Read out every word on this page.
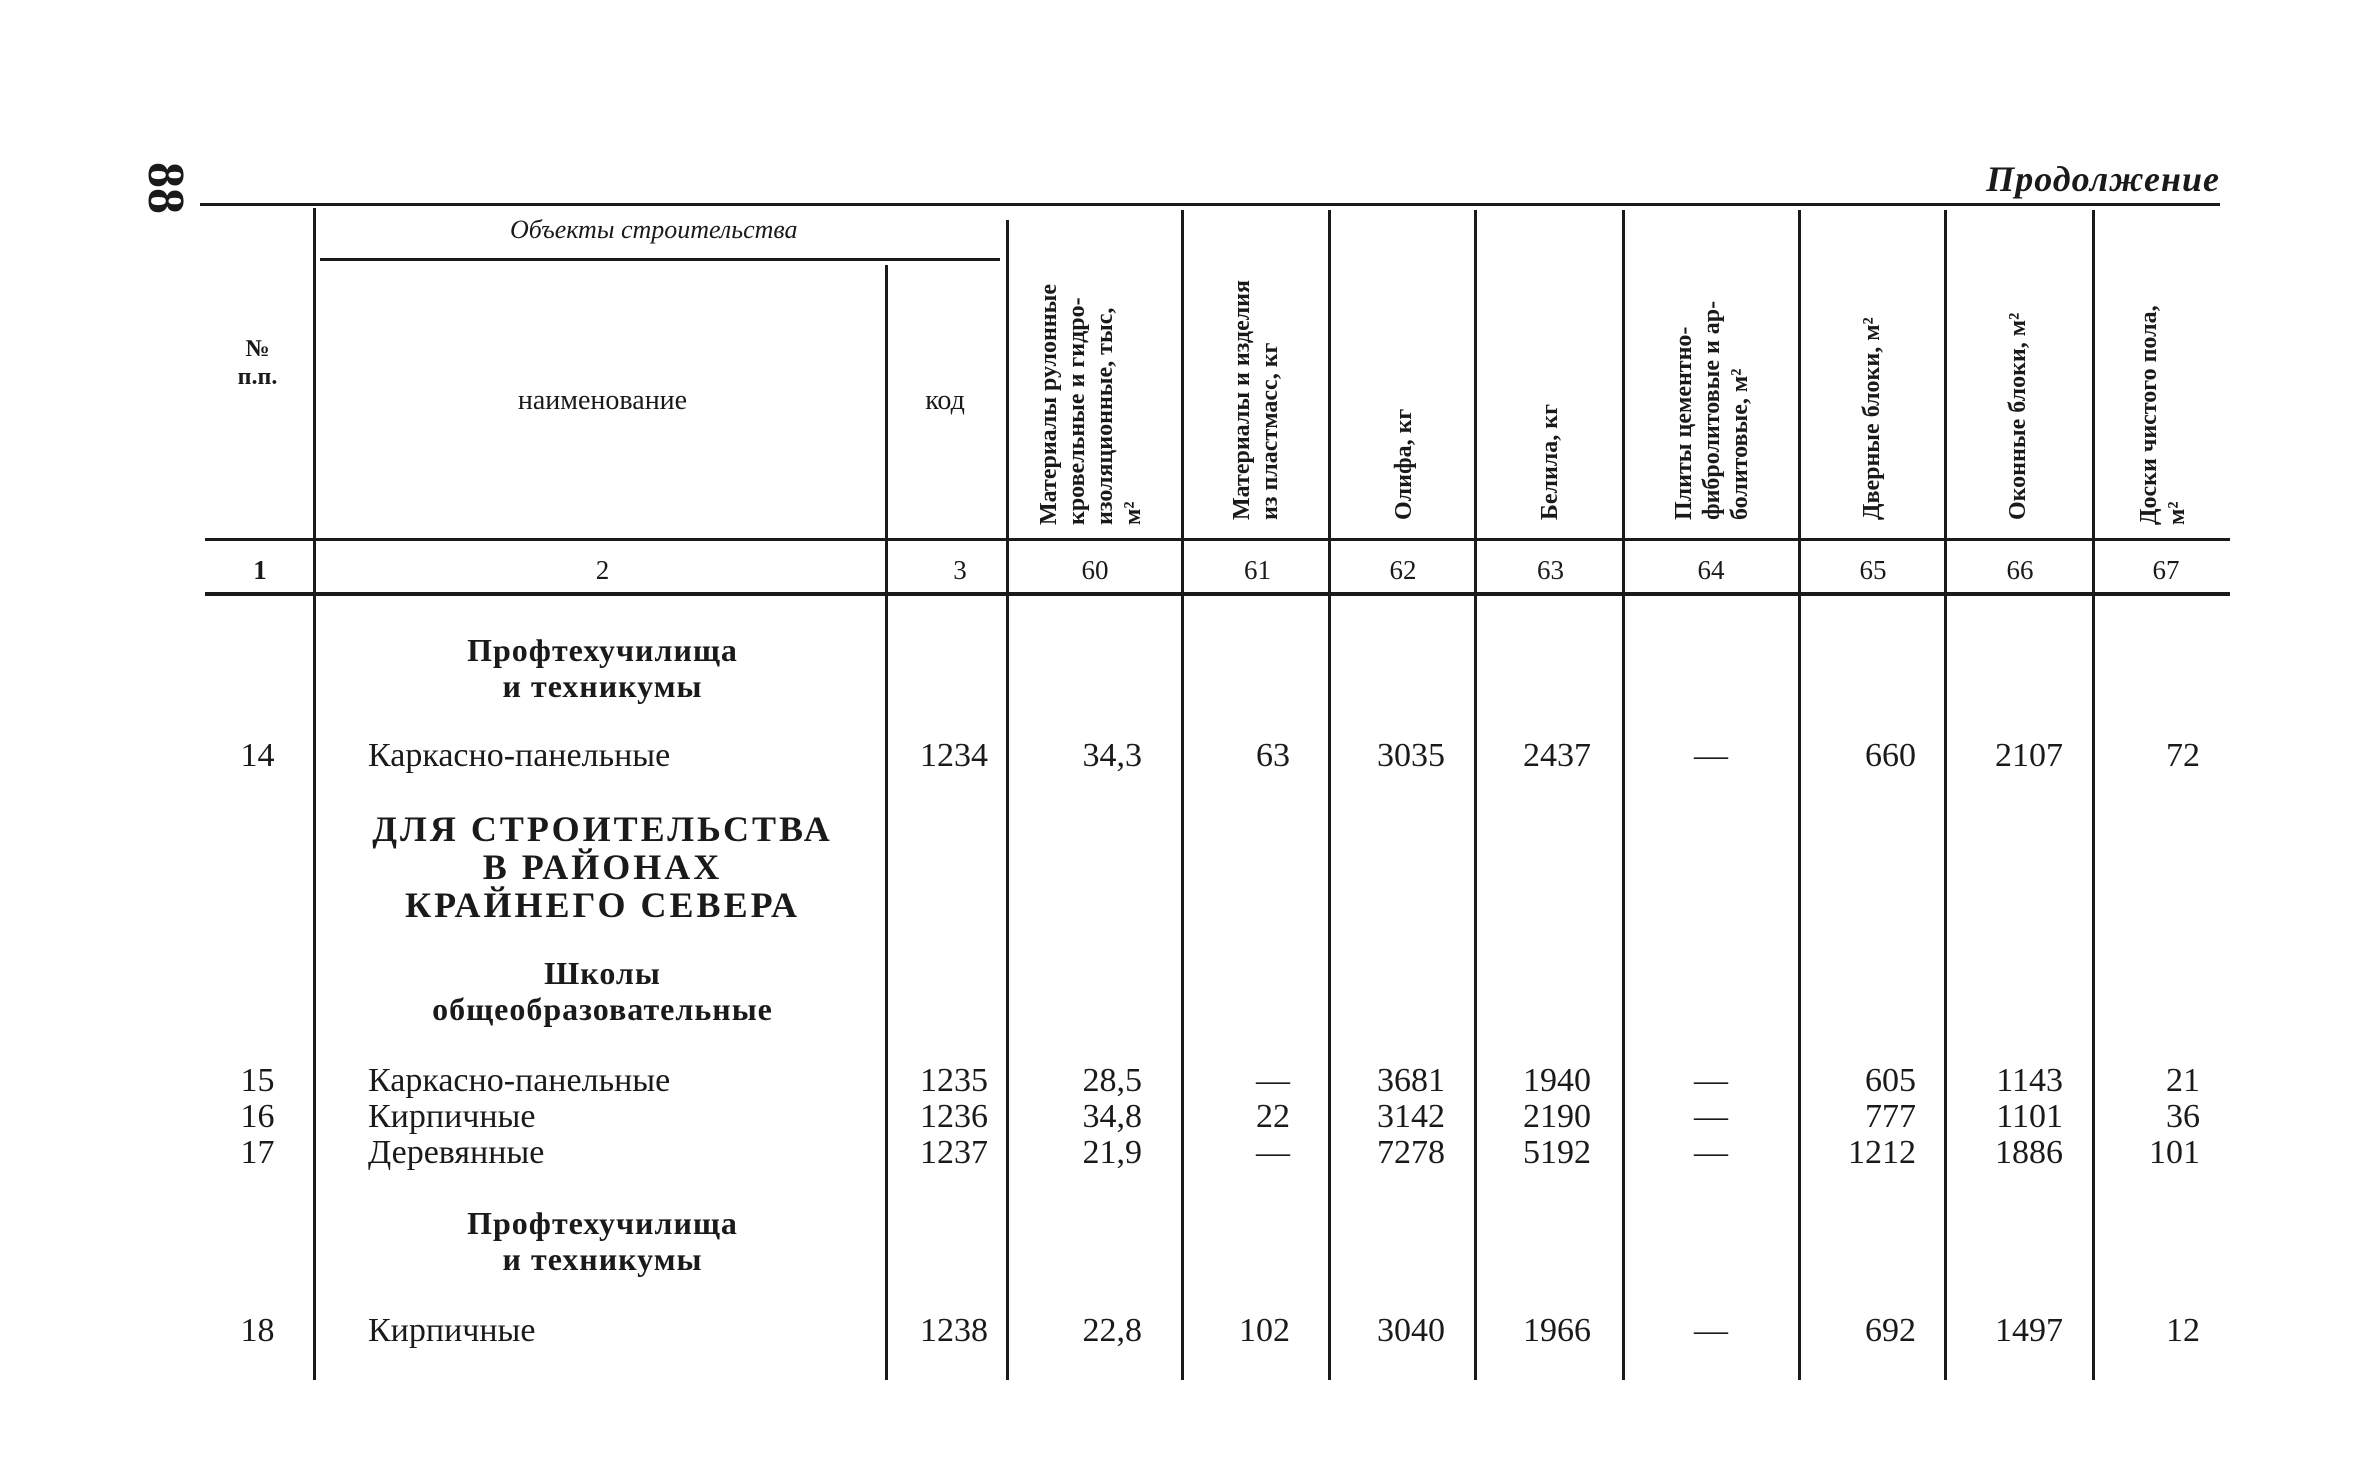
88	Продолжение
Объекты строительства
№
п.п.
наименование	код	Материалы рулонные кровельные и гидро- изоляционные, тыс, м²	Материалы и изделия из пластмасс, кг	Олифа, кг	Белила, кг	Плиты цементно- фибролитовые и ар- болитовые, м²	Дверные блоки, м²	Оконные блоки, м²	Доски чистого пола, м²
1	2	3	60	61	62	63	64	65	66	67
Профтехучилища
и техникумы
ДЛЯ СТРОИТЕЛЬСТВА
В РАЙОНАХ
КРАЙНЕГО СЕВЕРА
Школы
общеобразовательные
Профтехучилища
и техникумы
14	Каркасно-панельные	1234	34,3	63	3035	2437	—	660	2107	72
15	Каркасно-панельные	1235	28,5	—	3681	1940	—	605	1143	21
16	Кирпичные	1236	34,8	22	3142	2190	—	777	1101	36
17	Деревянные	1237	21,9	—	7278	5192	—	1212	1886	101
18	Кирпичные	1238	22,8	102	3040	1966	—	692	1497	12
